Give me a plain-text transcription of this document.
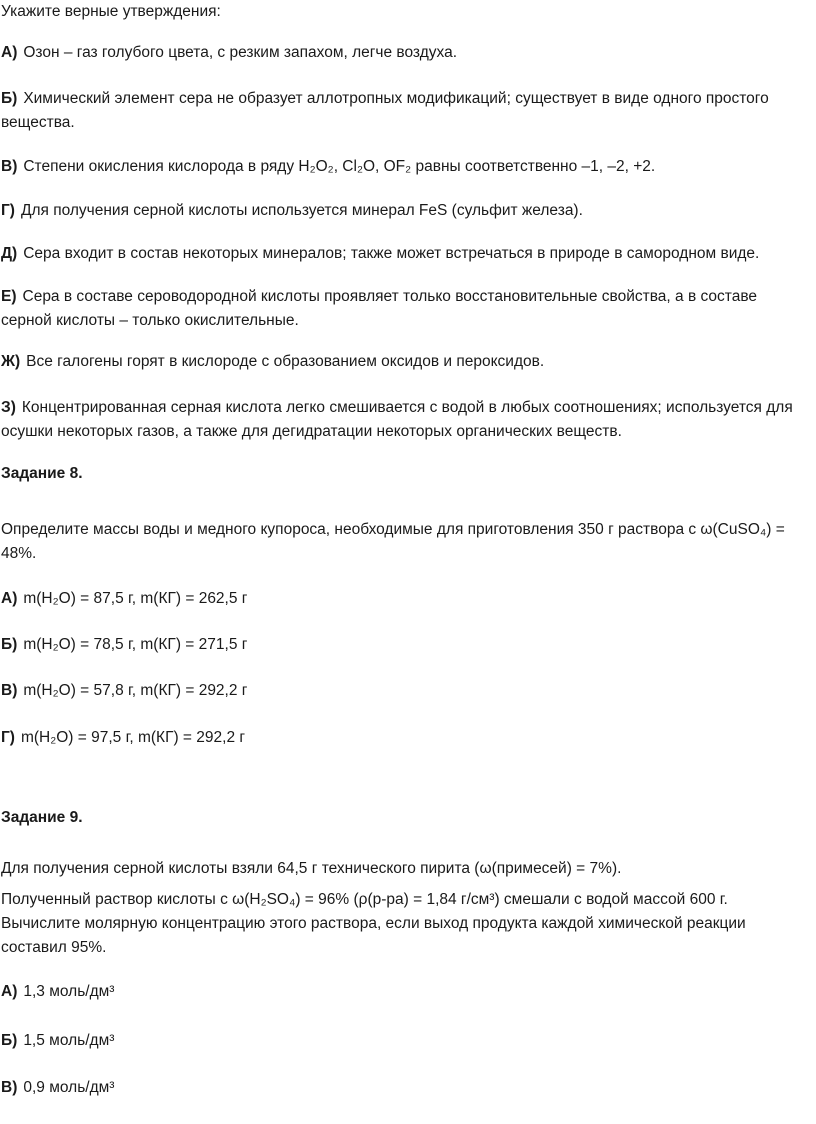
Укажите верные утверждения:
А) Озон – газ голубого цвета, с резким запахом, легче воздуха.
Б) Химический элемент сера не образует аллотропных модификаций; существует в виде одного простого вещества.
В) Степени окисления кислорода в ряду H₂O₂, Cl₂O, OF₂ равны соответственно –1, –2, +2.
Г) Для получения серной кислоты используется минерал FeS (сульфит железа).
Д) Сера входит в состав некоторых минералов; также может встречаться в природе в самородном виде.
Е) Сера в составе сероводородной кислоты проявляет только восстановительные свойства, а в составе серной кислоты – только окислительные.
Ж) Все галогены горят в кислороде с образованием оксидов и пероксидов.
З) Концентрированная серная кислота легко смешивается с водой в любых соотношениях; используется для осушки некоторых газов, а также для дегидратации некоторых органических веществ.
Задание 8.
Определите массы воды и медного купороса, необходимые для приготовления 350 г раствора с ω(CuSO₄) = 48%.
А) m(H₂O) = 87,5 г, m(КГ) = 262,5 г
Б) m(H₂O) = 78,5 г, m(КГ) = 271,5 г
В) m(H₂O) = 57,8 г, m(КГ) = 292,2 г
Г) m(H₂O) = 97,5 г, m(КГ) = 292,2 г
Задание 9.
Для получения серной кислоты взяли 64,5 г технического пирита (ω(примесей) = 7%).
Полученный раствор кислоты с ω(H₂SO₄) = 96% (ρ(р-ра) = 1,84 г/см³) смешали с водой массой 600 г. Вычислите молярную концентрацию этого раствора, если выход продукта каждой химической реакции составил 95%.
А) 1,3 моль/дм³
Б) 1,5 моль/дм³
В) 0,9 моль/дм³
